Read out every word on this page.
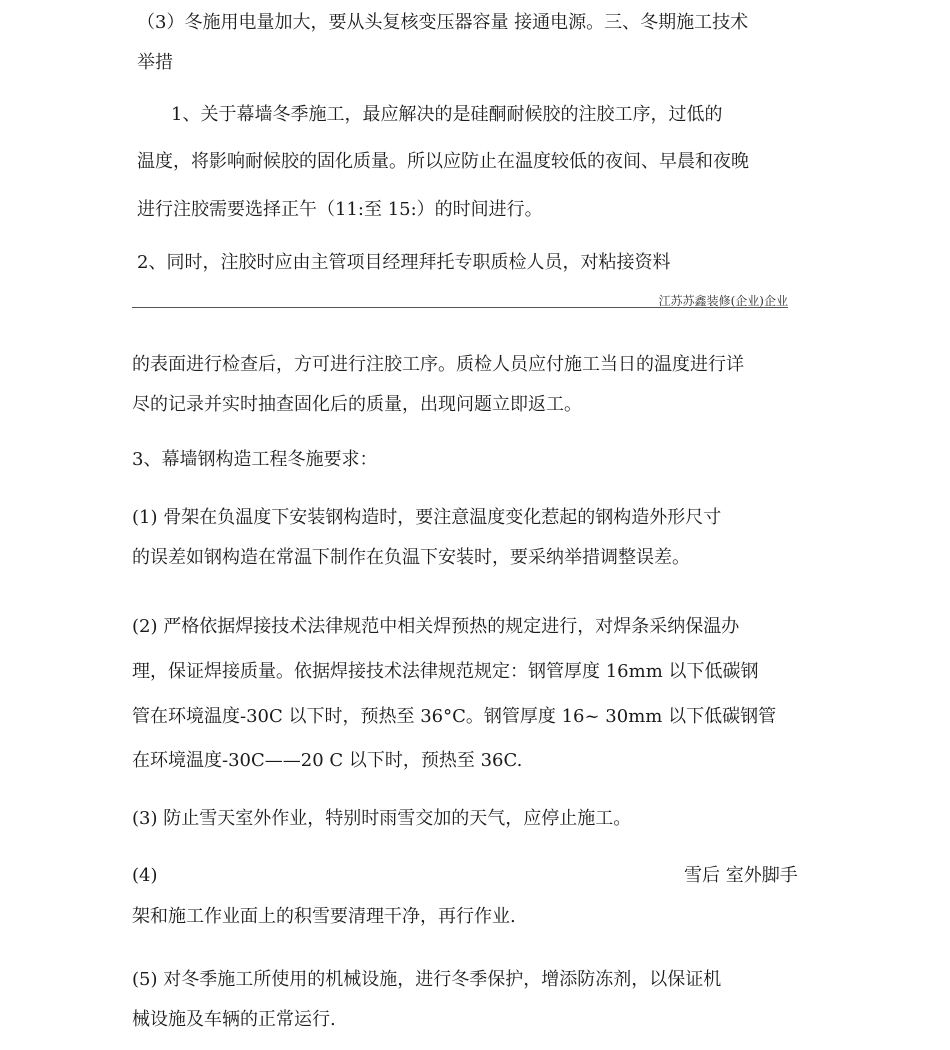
（3）冬施用电量加大，要从头复核变压器容量 接通电源。三、冬期施工技术
举措
1、关于幕墙冬季施工，最应解决的是硅酮耐候胶的注胶工序，过低的
温度，将影响耐候胶的固化质量。所以应防止在温度较低的夜间、早晨和夜晚
进行注胶需要选择正午（11:至 15:）的时间进行。
2、同时，注胶时应由主管项目经理拜托专职质检人员，对粘接资料
江苏苏鑫装修(企业)企业
的表面进行检查后，方可进行注胶工序。质检人员应付施工当日的温度进行详
尽的记录并实时抽查固化后的质量，出现问题立即返工。
3、幕墙钢构造工程冬施要求：
(1) 骨架在负温度下安装钢构造时，要注意温度变化惹起的钢构造外形尺寸
的误差如钢构造在常温下制作在负温下安装时，要采纳举措调整误差。
(2) 严格依据焊接技术法律规范中相关焊预热的规定进行，对焊条采纳保温办
理，保证焊接质量。依据焊接技术法律规范规定：钢管厚度 16mm 以下低碳钢
管在环境温度-30C 以下时，预热至 36°C。钢管厚度 16~ 30mm 以下低碳钢管
在环境温度-30C——20 C 以下时，预热至 36C.
(3) 防止雪天室外作业，特别时雨雪交加的天气，应停止施工。
(4)	雪后 室外脚手
架和施工作业面上的积雪要清理干净，再行作业.
(5) 对冬季施工所使用的机械设施，进行冬季保护，增添防冻剂，以保证机
械设施及车辆的正常运行.
